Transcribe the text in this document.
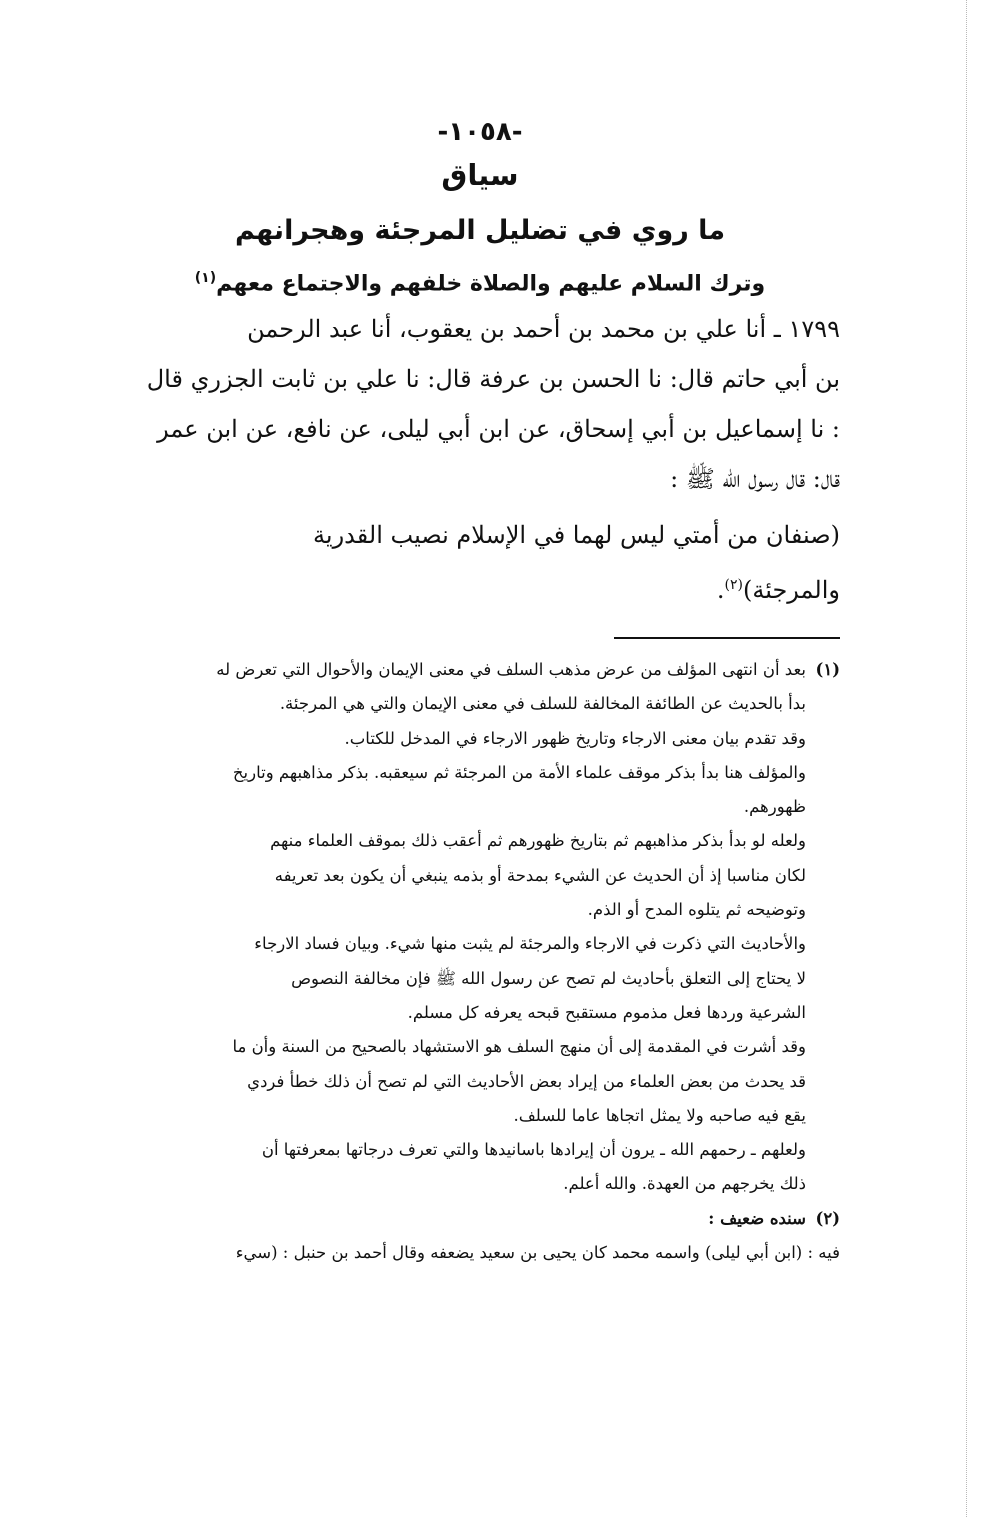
-١٠٥٨-
سياق
ما روي في تضليل المرجئة وهجرانهم
وترك السلام عليهم والصلاة خلفهم والاجتماع معهم$^{(١)}$

١٧٩٩ ـ أنا علي بن محمد بن أحمد بن يعقوب، أنا عبد الرحمن

بن أبي حاتم قال: نا الحسن بن عرفة قال: نا علي بن ثابت الجزري قال

: نا إسماعيل بن أبي إسحاق، عن ابن أبي ليلى، عن نافع، عن ابن عمر

قال: قال رسول الله ﷺ :

(صنفان من أمتي ليس لهما في الإسلام نصيب القدرية

والمرجئة)$^{(٢)}$.

(١)بعد أن انتهى المؤلف من عرض مذهب السلف في معنى الإيمان والأحوال التي تعرض له

بدأ بالحديث عن الطائفة المخالفة للسلف في معنى الإيمان والتي هي المرجئة.

وقد تقدم بيان معنى الارجاء وتاريخ ظهور الارجاء في المدخل للكتاب.

والمؤلف هنا بدأ بذكر موقف علماء الأمة من المرجئة ثم سيعقبه. بذكر مذاهبهم وتاريخ

ظهورهم.

ولعله لو بدأ بذكر مذاهبهم ثم بتاريخ ظهورهم ثم أعقب ذلك بموقف العلماء منهم

لكان مناسبا إذ أن الحديث عن الشيء بمدحة أو بذمه ينبغي أن يكون بعد تعريفه

وتوضيحه ثم يتلوه المدح أو الذم.

والأحاديث التي ذكرت في الارجاء والمرجئة لم يثبت منها شيء. وبيان فساد الارجاء

لا يحتاج إلى التعلق بأحاديث لم تصح عن رسول الله ﷺ فإن مخالفة النصوص

الشرعية وردها فعل مذموم مستقبح قبحه يعرفه كل مسلم.

وقد أشرت في المقدمة إلى أن منهج السلف هو الاستشهاد بالصحيح من السنة وأن ما

قد يحدث من بعض العلماء من إيراد بعض الأحاديث التي لم تصح أن ذلك خطأ فردي

يقع فيه صاحبه ولا يمثل اتجاها عاما للسلف.

ولعلهم ـ رحمهم الله ـ يرون أن إيرادها باسانيدها والتي تعرف درجاتها بمعرفتها أن

ذلك يخرجهم من العهدة. والله أعلم.

(٢)سنده ضعيف :

فيه : (ابن أبي ليلى) واسمه محمد كان يحيى بن سعيد يضعفه وقال أحمد بن حنبل : (سيء
